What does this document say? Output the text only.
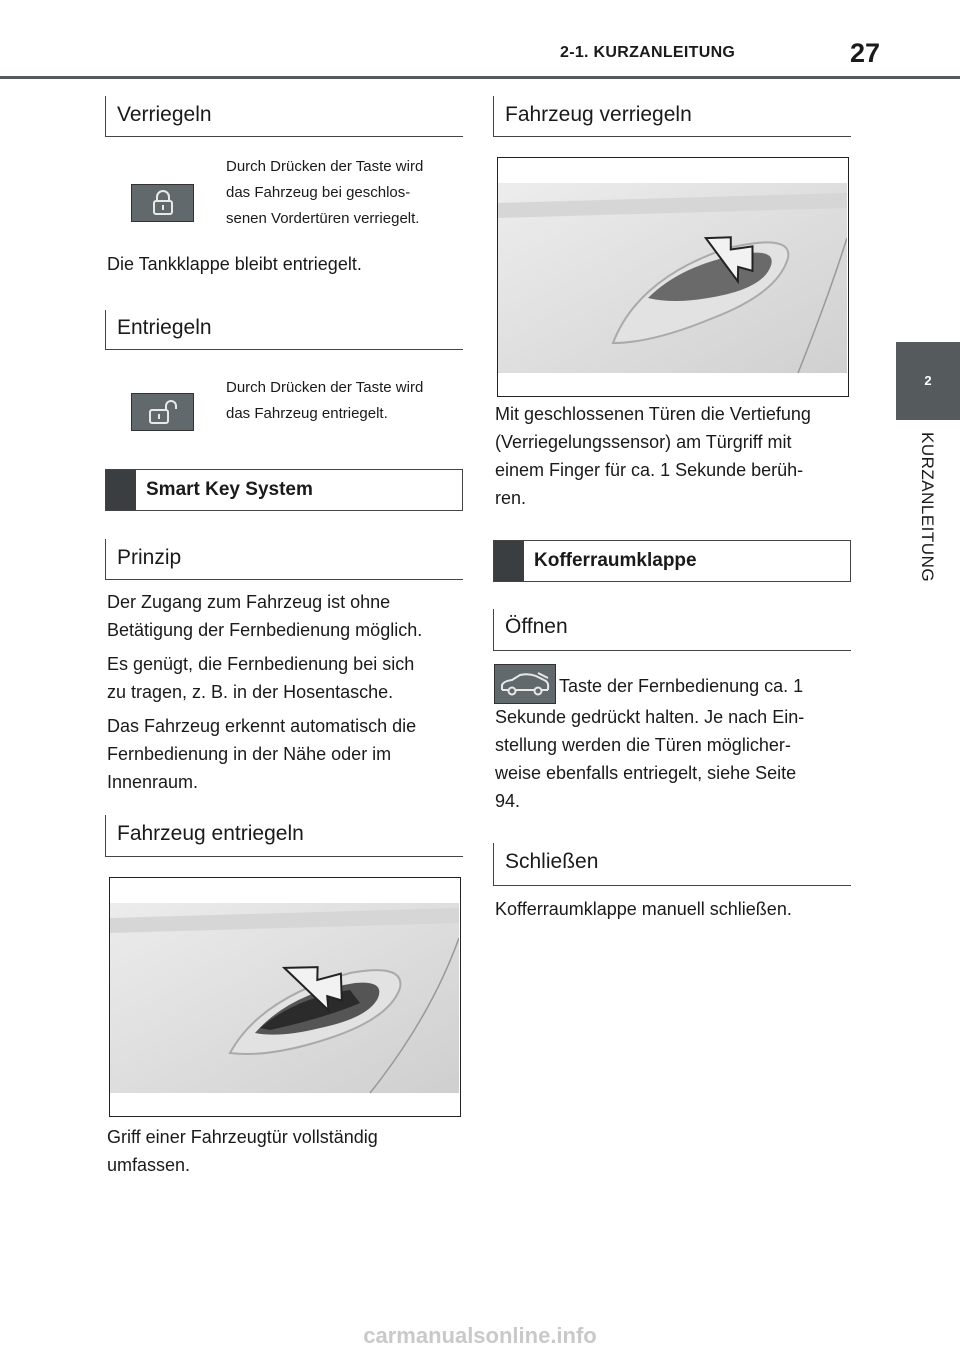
2-1. KURZANLEITUNG	27
2
KURZANLEITUNG
Verriegeln
Durch Drücken der Taste wird
das Fahrzeug bei geschlos-
senen Vordertüren verriegelt.
Die Tankklappe bleibt entriegelt.
Entriegeln
Durch Drücken der Taste wird
das Fahrzeug entriegelt.
Smart Key System
Prinzip
Der Zugang zum Fahrzeug ist ohne
Betätigung der Fernbedienung möglich.
Es genügt, die Fernbedienung bei sich
zu tragen, z. B. in der Hosentasche.
Das Fahrzeug erkennt automatisch die
Fernbedienung in der Nähe oder im
Innenraum.
Fahrzeug entriegeln
Griff einer Fahrzeugtür vollständig
umfassen.
Fahrzeug verriegeln
Mit geschlossenen Türen die Vertiefung
(Verriegelungssensor) am Türgriff mit
einem Finger für ca. 1 Sekunde berüh-
ren.
Kofferraumklappe
Öffnen
Taste der Fernbedienung ca. 1
Sekunde gedrückt halten. Je nach Ein-
stellung werden die Türen möglicher-
weise ebenfalls entriegelt, siehe Seite
94.
Schließen
Kofferraumklappe manuell schließen.
carmanualsonline.info
